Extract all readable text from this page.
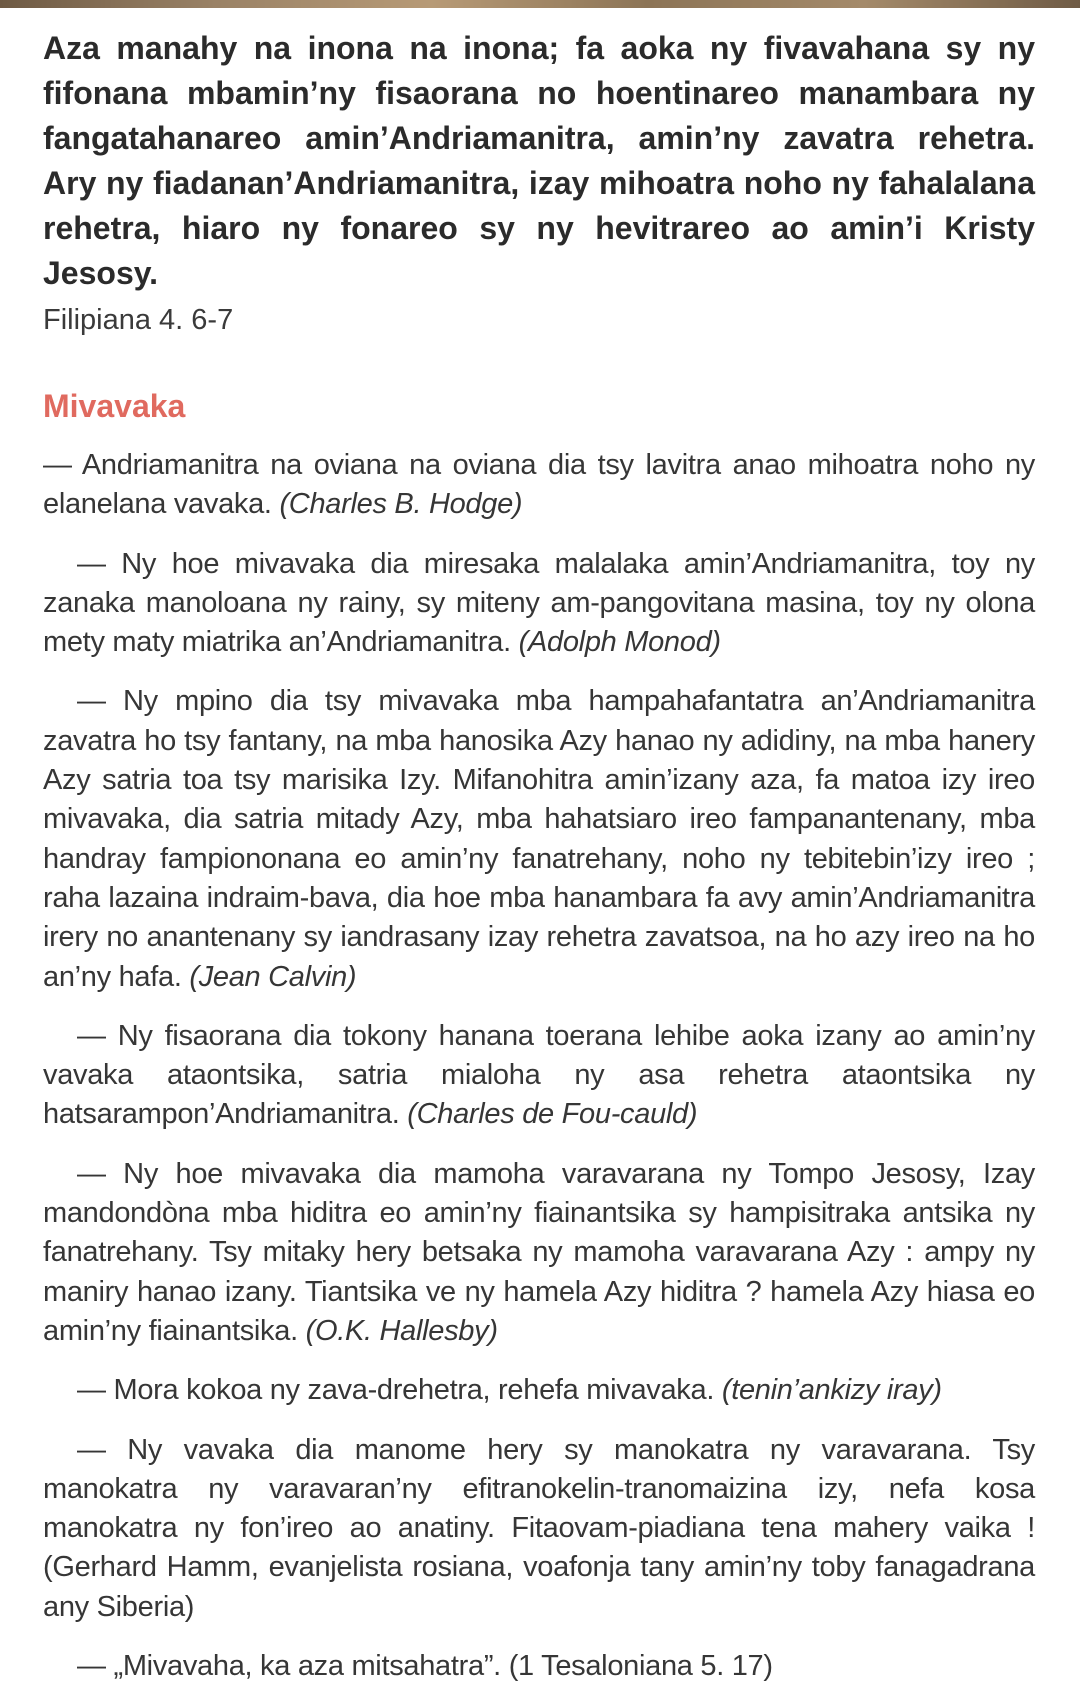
Aza manahy na inona na inona; fa aoka ny fivavahana sy ny fifonana mbamin’ny fisaorana no hoentinareo manambara ny fangatahanareo amin’Andriamanitra, amin’ny zavatra rehetra. Ary ny fiadanan’Andriamanitra, izay mihoatra noho ny fahalalana rehetra, hiaro ny fonareo sy ny hevitrareo ao amin’i Kristy Jesosy.

Filipiana 4. 6-7

Mivavaka

— Andriamanitra na oviana na oviana dia tsy lavitra anao mihoatra noho ny elanelana vavaka. (Charles B. Hodge)

— Ny hoe mivavaka dia miresaka malalaka amin’Andriamanitra, toy ny zanaka manoloana ny rainy, sy miteny am-pangovitana masina, toy ny olona mety maty miatrika an’Andriamanitra. (Adolph Monod)

— Ny mpino dia tsy mivavaka mba hampahafantatra an’Andriamanitra zavatra ho tsy fantany, na mba hanosika Azy hanao ny adidiny, na mba hanery Azy satria toa tsy marisika Izy. Mifanohitra amin’izany aza, fa matoa izy ireo mivavaka, dia satria mitady Azy, mba hahatsiaro ireo fampanantenany, mba handray fampiononana eo amin’ny fanatrehany, noho ny tebitebin’izy ireo ; raha lazaina indraim-bava, dia hoe mba hanambara fa avy amin’Andriamanitra irery no anantenany sy iandrasany izay rehetra zavatsoa, na ho azy ireo na ho an’ny hafa. (Jean Calvin)

— Ny fisaorana dia tokony hanana toerana lehibe aoka izany ao amin’ny vavaka ataontsika, satria mialoha ny asa rehetra ataontsika ny hatsarampon’Andriamanitra. (Charles de Fou-cauld)

— Ny hoe mivavaka dia mamoha varavarana ny Tompo Jesosy, Izay mandondòna mba hiditra eo amin’ny fiainantsika sy hampisitraka antsika ny fanatrehany. Tsy mitaky hery betsaka ny mamoha varavarana Azy : ampy ny maniry hanao izany. Tiantsika ve ny hamela Azy hiditra ? hamela Azy hiasa eo amin’ny fiainantsika. (O.K. Hallesby)

— Mora kokoa ny zava-drehetra, rehefa mivavaka. (tenin’ankizy iray)

— Ny vavaka dia manome hery sy manokatra ny varavarana. Tsy manokatra ny varavaran’ny efitranokelin-tranomaizina izy, nefa kosa manokatra ny fon’ireo ao anatiny. Fitaovam-piadiana tena mahery vaika ! (Gerhard Hamm, evanjelista rosiana, voafonja tany amin’ny toby fanagadrana any Siberia)

— „Mivavaha, ka aza mitsahatra”. (1 Tesaloniana 5. 17)
